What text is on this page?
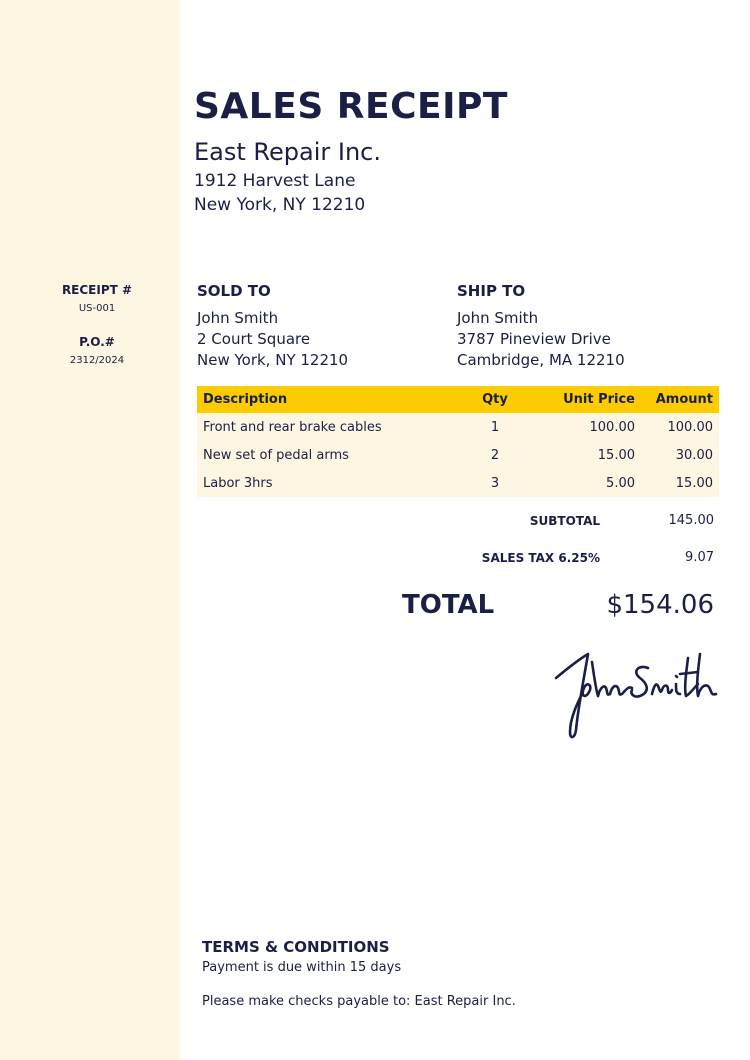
RECEIPT #
US-001
P.O.#
2312/2024
SALES RECEIPT
East Repair Inc.
1912 Harvest Lane
New York, NY 12210
SOLD TO
John Smith
2 Court Square
New York, NY 12210
SHIP TO
John Smith
3787 Pineview Drive
Cambridge, MA 12210
Description	Qty	Unit Price	Amount
Front and rear brake cables	1	100.00	100.00
New set of pedal arms	2	15.00	30.00
Labor 3hrs	3	5.00	15.00
SUBTOTAL	145.00
SALES TAX 6.25%	9.07
TOTAL	$154.06
TERMS & CONDITIONS
Payment is due within 15 days
Please make checks payable to: East Repair Inc.
